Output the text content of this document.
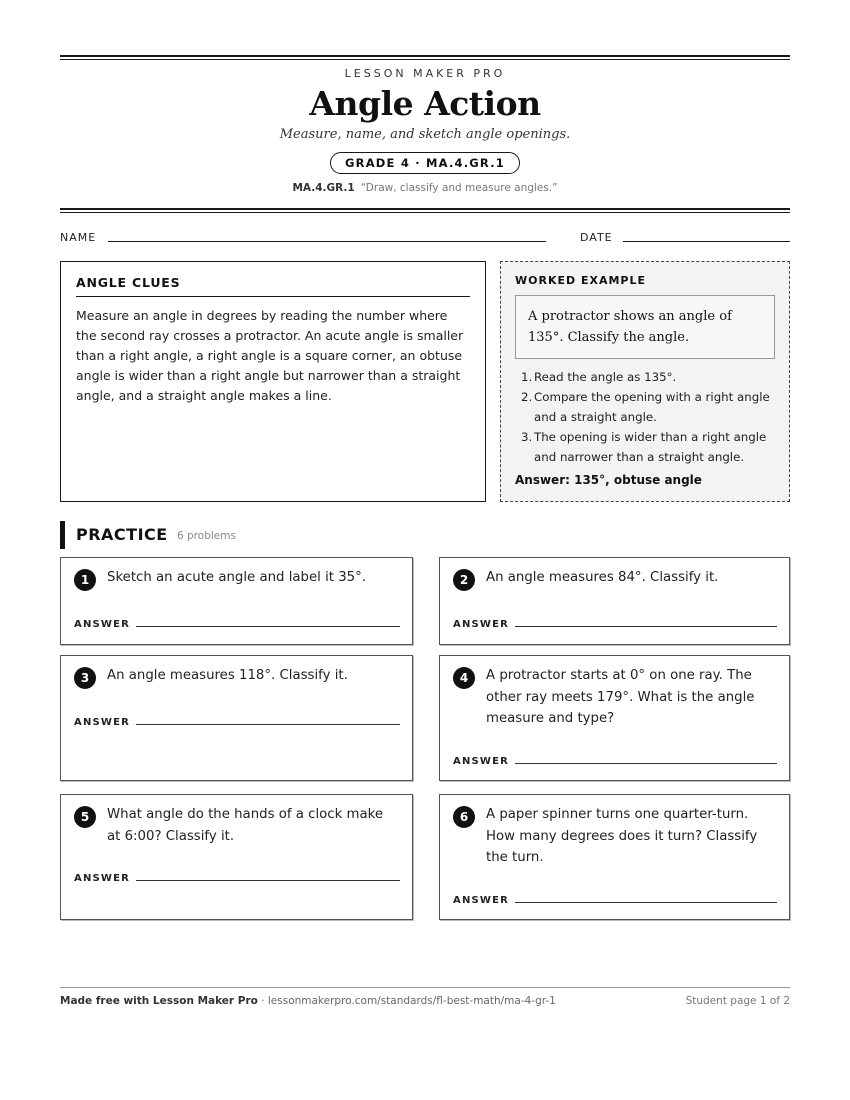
LESSON MAKER PRO
Angle Action
Measure, name, and sketch angle openings.
GRADE 4 · MA.4.GR.1
MA.4.GR.1 “Draw, classify and measure angles.”
NAME	DATE
ANGLE CLUES
Measure an angle in degrees by reading the number where the second ray crosses a protractor. An acute angle is smaller than a right angle, a right angle is a square corner, an obtuse angle is wider than a right angle but narrower than a straight angle, and a straight angle makes a line.
WORKED EXAMPLE
A protractor shows an angle of 135°. Classify the angle.
1. Read the angle as 135°.
2. Compare the opening with a right angle and a straight angle.
3. The opening is wider than a right angle and narrower than a straight angle.
Answer: 135°, obtuse angle
PRACTICE 6 problems
1	Sketch an acute angle and label it 35°.
ANSWER
2	An angle measures 84°. Classify it.
ANSWER
3	An angle measures 118°. Classify it.
ANSWER
4	A protractor starts at 0° on one ray. The other ray meets 179°. What is the angle measure and type?
ANSWER
5	What angle do the hands of a clock make at 6:00? Classify it.
ANSWER
6	A paper spinner turns one quarter-turn. How many degrees does it turn? Classify the turn.
ANSWER
Made free with Lesson Maker Pro · lessonmakerpro.com/standards/fl-best-math/ma-4-gr-1	Student page 1 of 2
